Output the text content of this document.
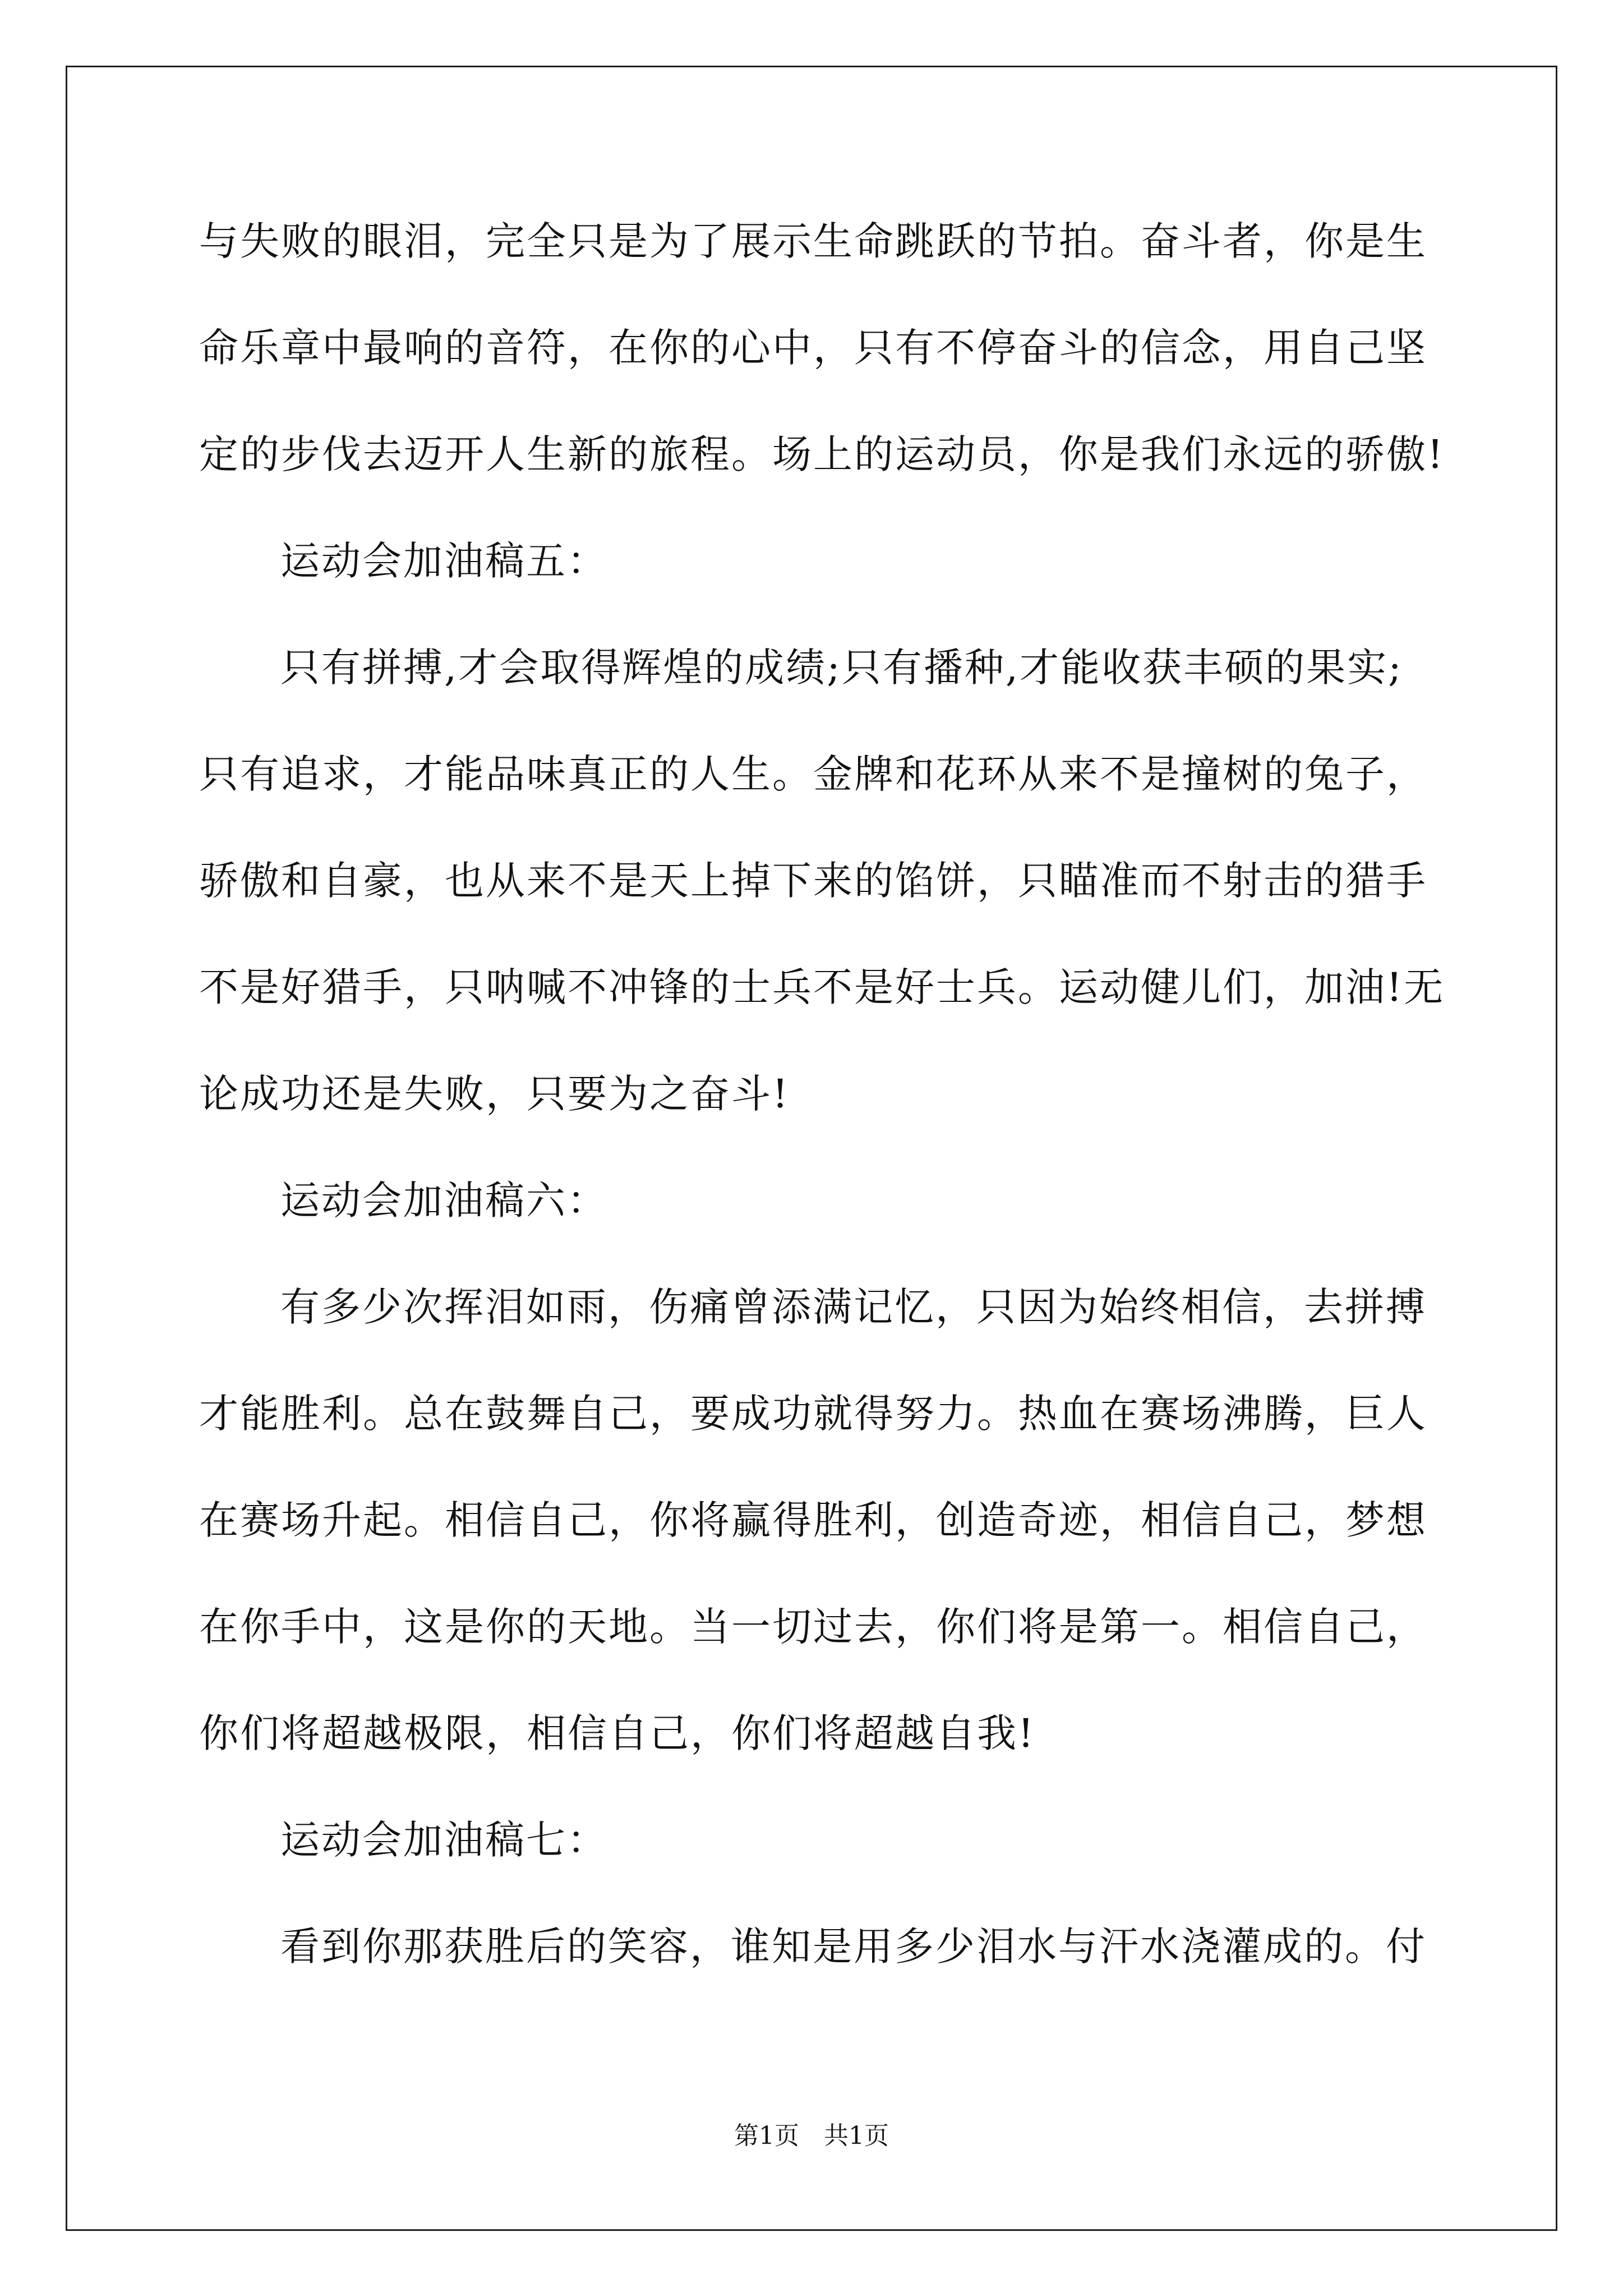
与失败的眼泪，完全只是为了展示生命跳跃的节拍。奋斗者，你是生
命乐章中最响的音符，在你的心中，只有不停奋斗的信念，用自己坚
定的步伐去迈开人生新的旅程。场上的运动员，你是我们永远的骄傲!
运动会加油稿五：
只有拼搏,才会取得辉煌的成绩;只有播种,才能收获丰硕的果实;
只有追求，才能品味真正的人生。金牌和花环从来不是撞树的兔子，
骄傲和自豪，也从来不是天上掉下来的馅饼，只瞄准而不射击的猎手
不是好猎手，只呐喊不冲锋的士兵不是好士兵。运动健儿们，加油!无
论成功还是失败，只要为之奋斗!
运动会加油稿六：
有多少次挥泪如雨，伤痛曾添满记忆，只因为始终相信，去拼搏
才能胜利。总在鼓舞自己，要成功就得努力。热血在赛场沸腾，巨人
在赛场升起。相信自己，你将赢得胜利，创造奇迹，相信自己，梦想
在你手中，这是你的天地。当一切过去，你们将是第一。相信自己，
你们将超越极限，相信自己，你们将超越自我!
运动会加油稿七：
看到你那获胜后的笑容，谁知是用多少泪水与汗水浇灌成的。付
第1页　共1页
